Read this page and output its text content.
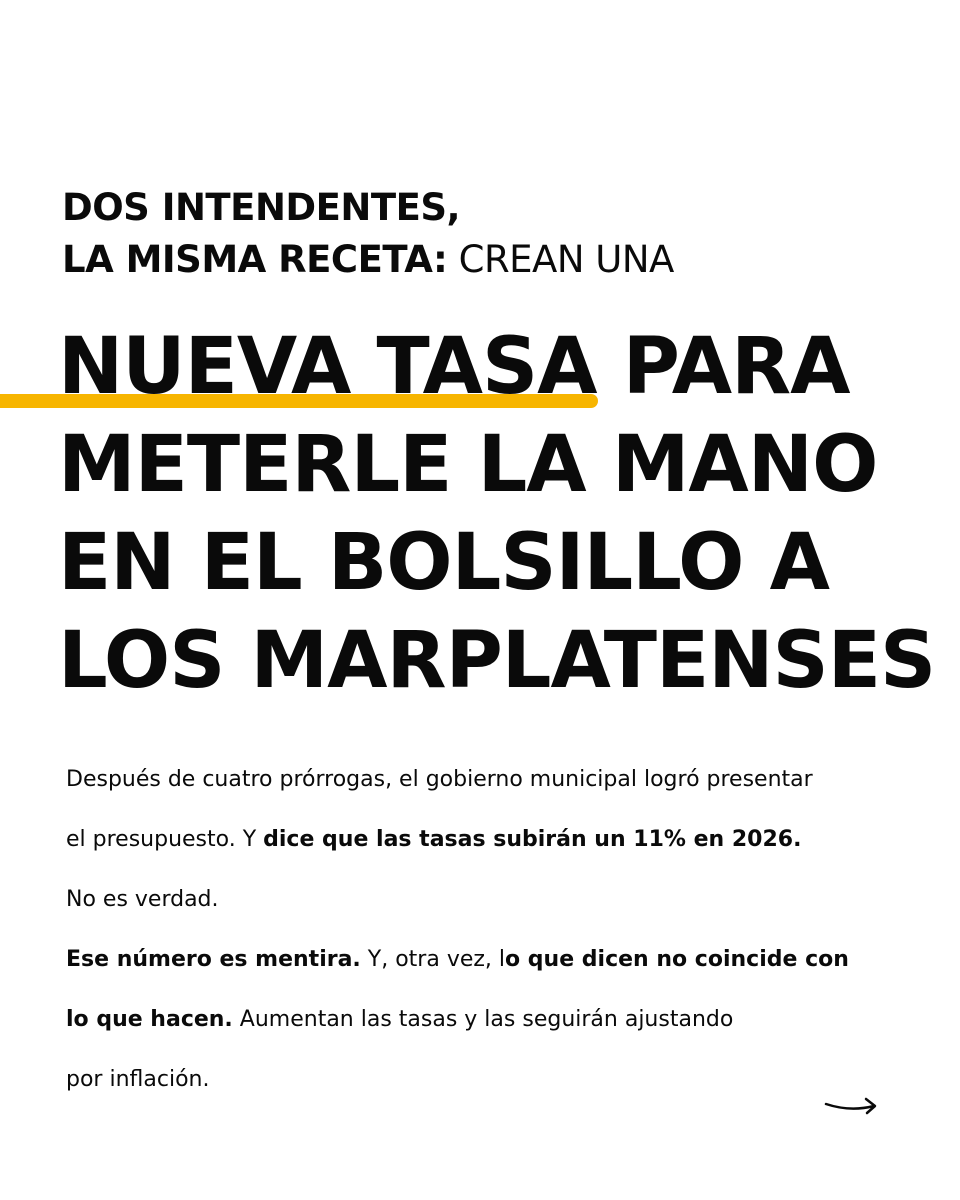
DOS INTENDENTES,
LA MISMA RECETA: CREAN UNA
NUEVA TASA PARA
METERLE LA MANO
EN EL BOLSILLO A
LOS MARPLATENSES
Después de cuatro prórrogas, el gobierno municipal logró presentar
el presupuesto. Y dice que las tasas subirán un 11% en 2026.
No es verdad.
Ese número es mentira. Y, otra vez, lo que dicen no coincide con
lo que hacen. Aumentan las tasas y las seguirán ajustando
por inflación.
